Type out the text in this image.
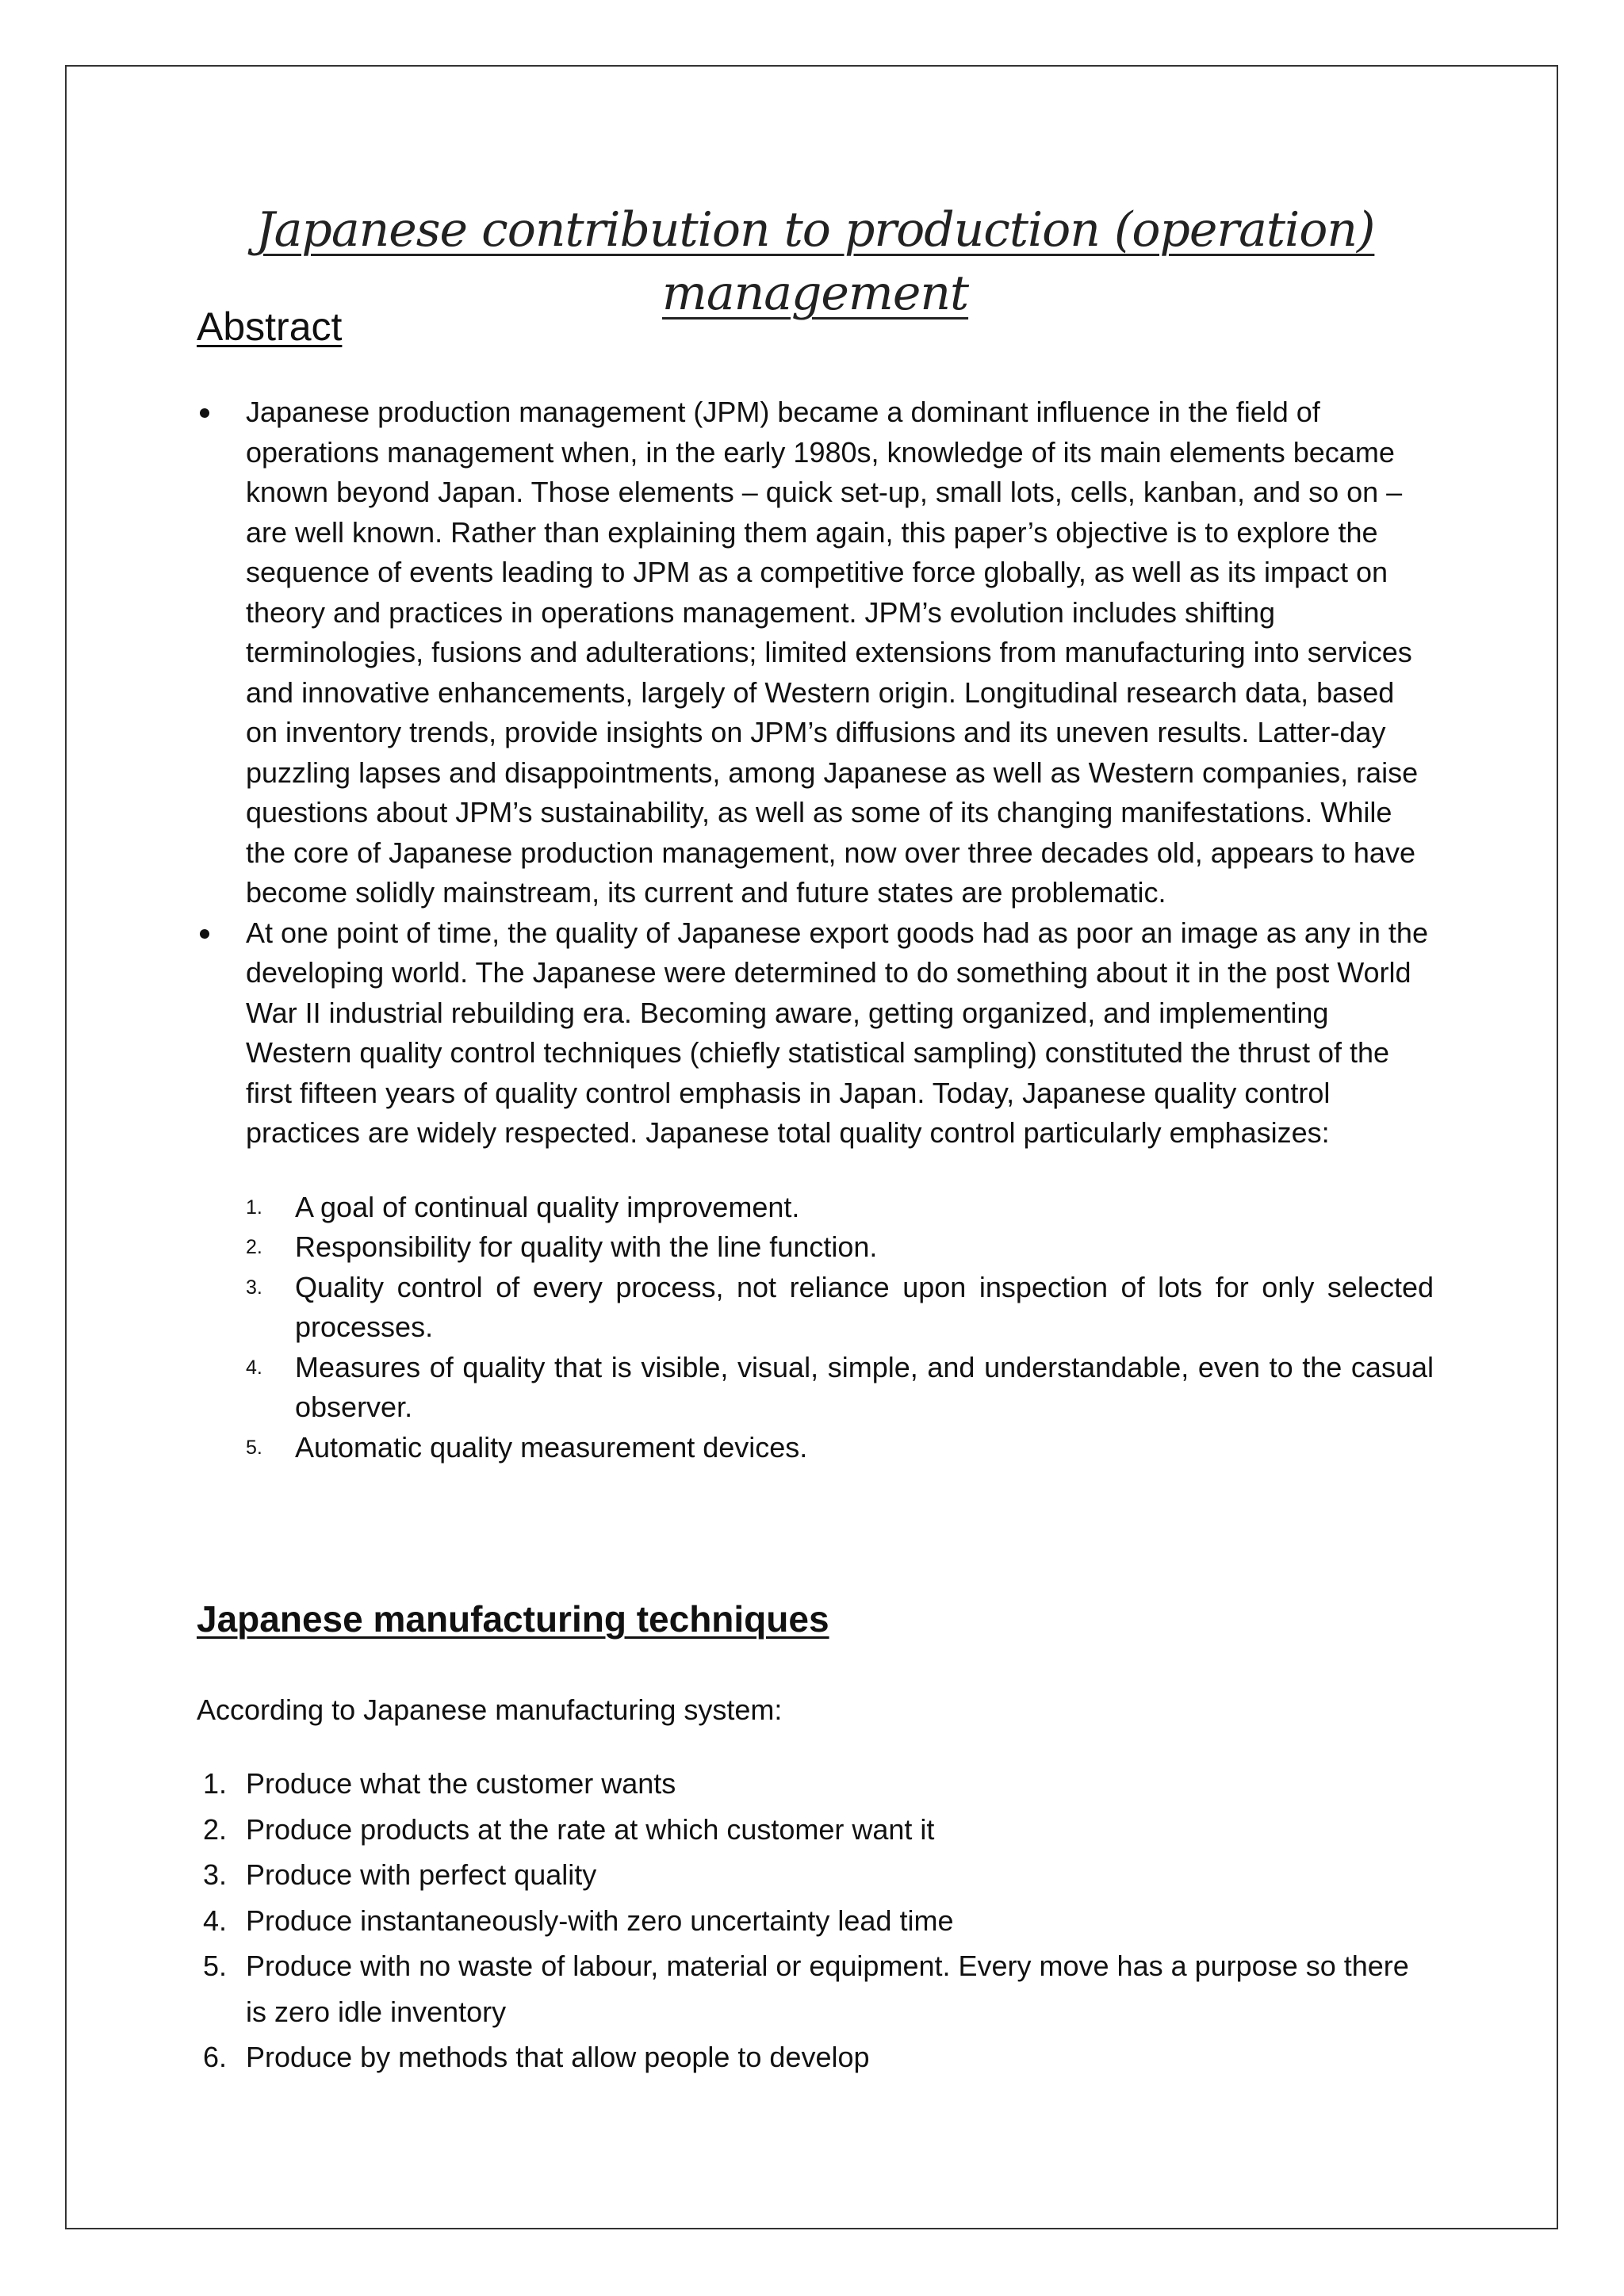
Japanese contribution to production (operation) management
Abstract
Japanese production management (JPM) became a dominant influence in the field of operations management when, in the early 1980s, knowledge of its main elements became known beyond Japan. Those elements – quick set-up, small lots, cells, kanban, and so on – are well known. Rather than explaining them again, this paper’s objective is to explore the sequence of events leading to JPM as a competitive force globally, as well as its impact on theory and practices in operations management. JPM’s evolution includes shifting terminologies, fusions and adulterations; limited extensions from manufacturing into services and innovative enhancements, largely of Western origin. Longitudinal research data, based on inventory trends, provide insights on JPM’s diffusions and its uneven results. Latter-day puzzling lapses and disappointments, among Japanese as well as Western companies, raise questions about JPM’s sustainability, as well as some of its changing manifestations. While the core of Japanese production management, now over three decades old, appears to have become solidly mainstream, its current and future states are problematic.
At one point of time, the quality of Japanese export goods had as poor an image as any in the developing world. The Japanese were determined to do something about it in the post World War II industrial rebuilding era. Becoming aware, getting organized, and implementing Western quality control techniques (chiefly statistical sampling) constituted the thrust of the first fifteen years of quality control emphasis in Japan. Today, Japanese quality control practices are widely respected. Japanese total quality control particularly emphasizes:
1. A goal of continual quality improvement.
2. Responsibility for quality with the line function.
3. Quality control of every process, not reliance upon inspection of lots for only selected processes.
4. Measures of quality that is visible, visual, simple, and understandable, even to the casual observer.
5. Automatic quality measurement devices.
Japanese manufacturing techniques
According to Japanese manufacturing system:
1. Produce what the customer wants
2. Produce products at the rate at which customer want it
3. Produce with perfect quality
4. Produce instantaneously-with zero uncertainty lead time
5. Produce with no waste of labour, material or equipment. Every move has a purpose so there is zero idle inventory
6. Produce by methods that allow people to develop
